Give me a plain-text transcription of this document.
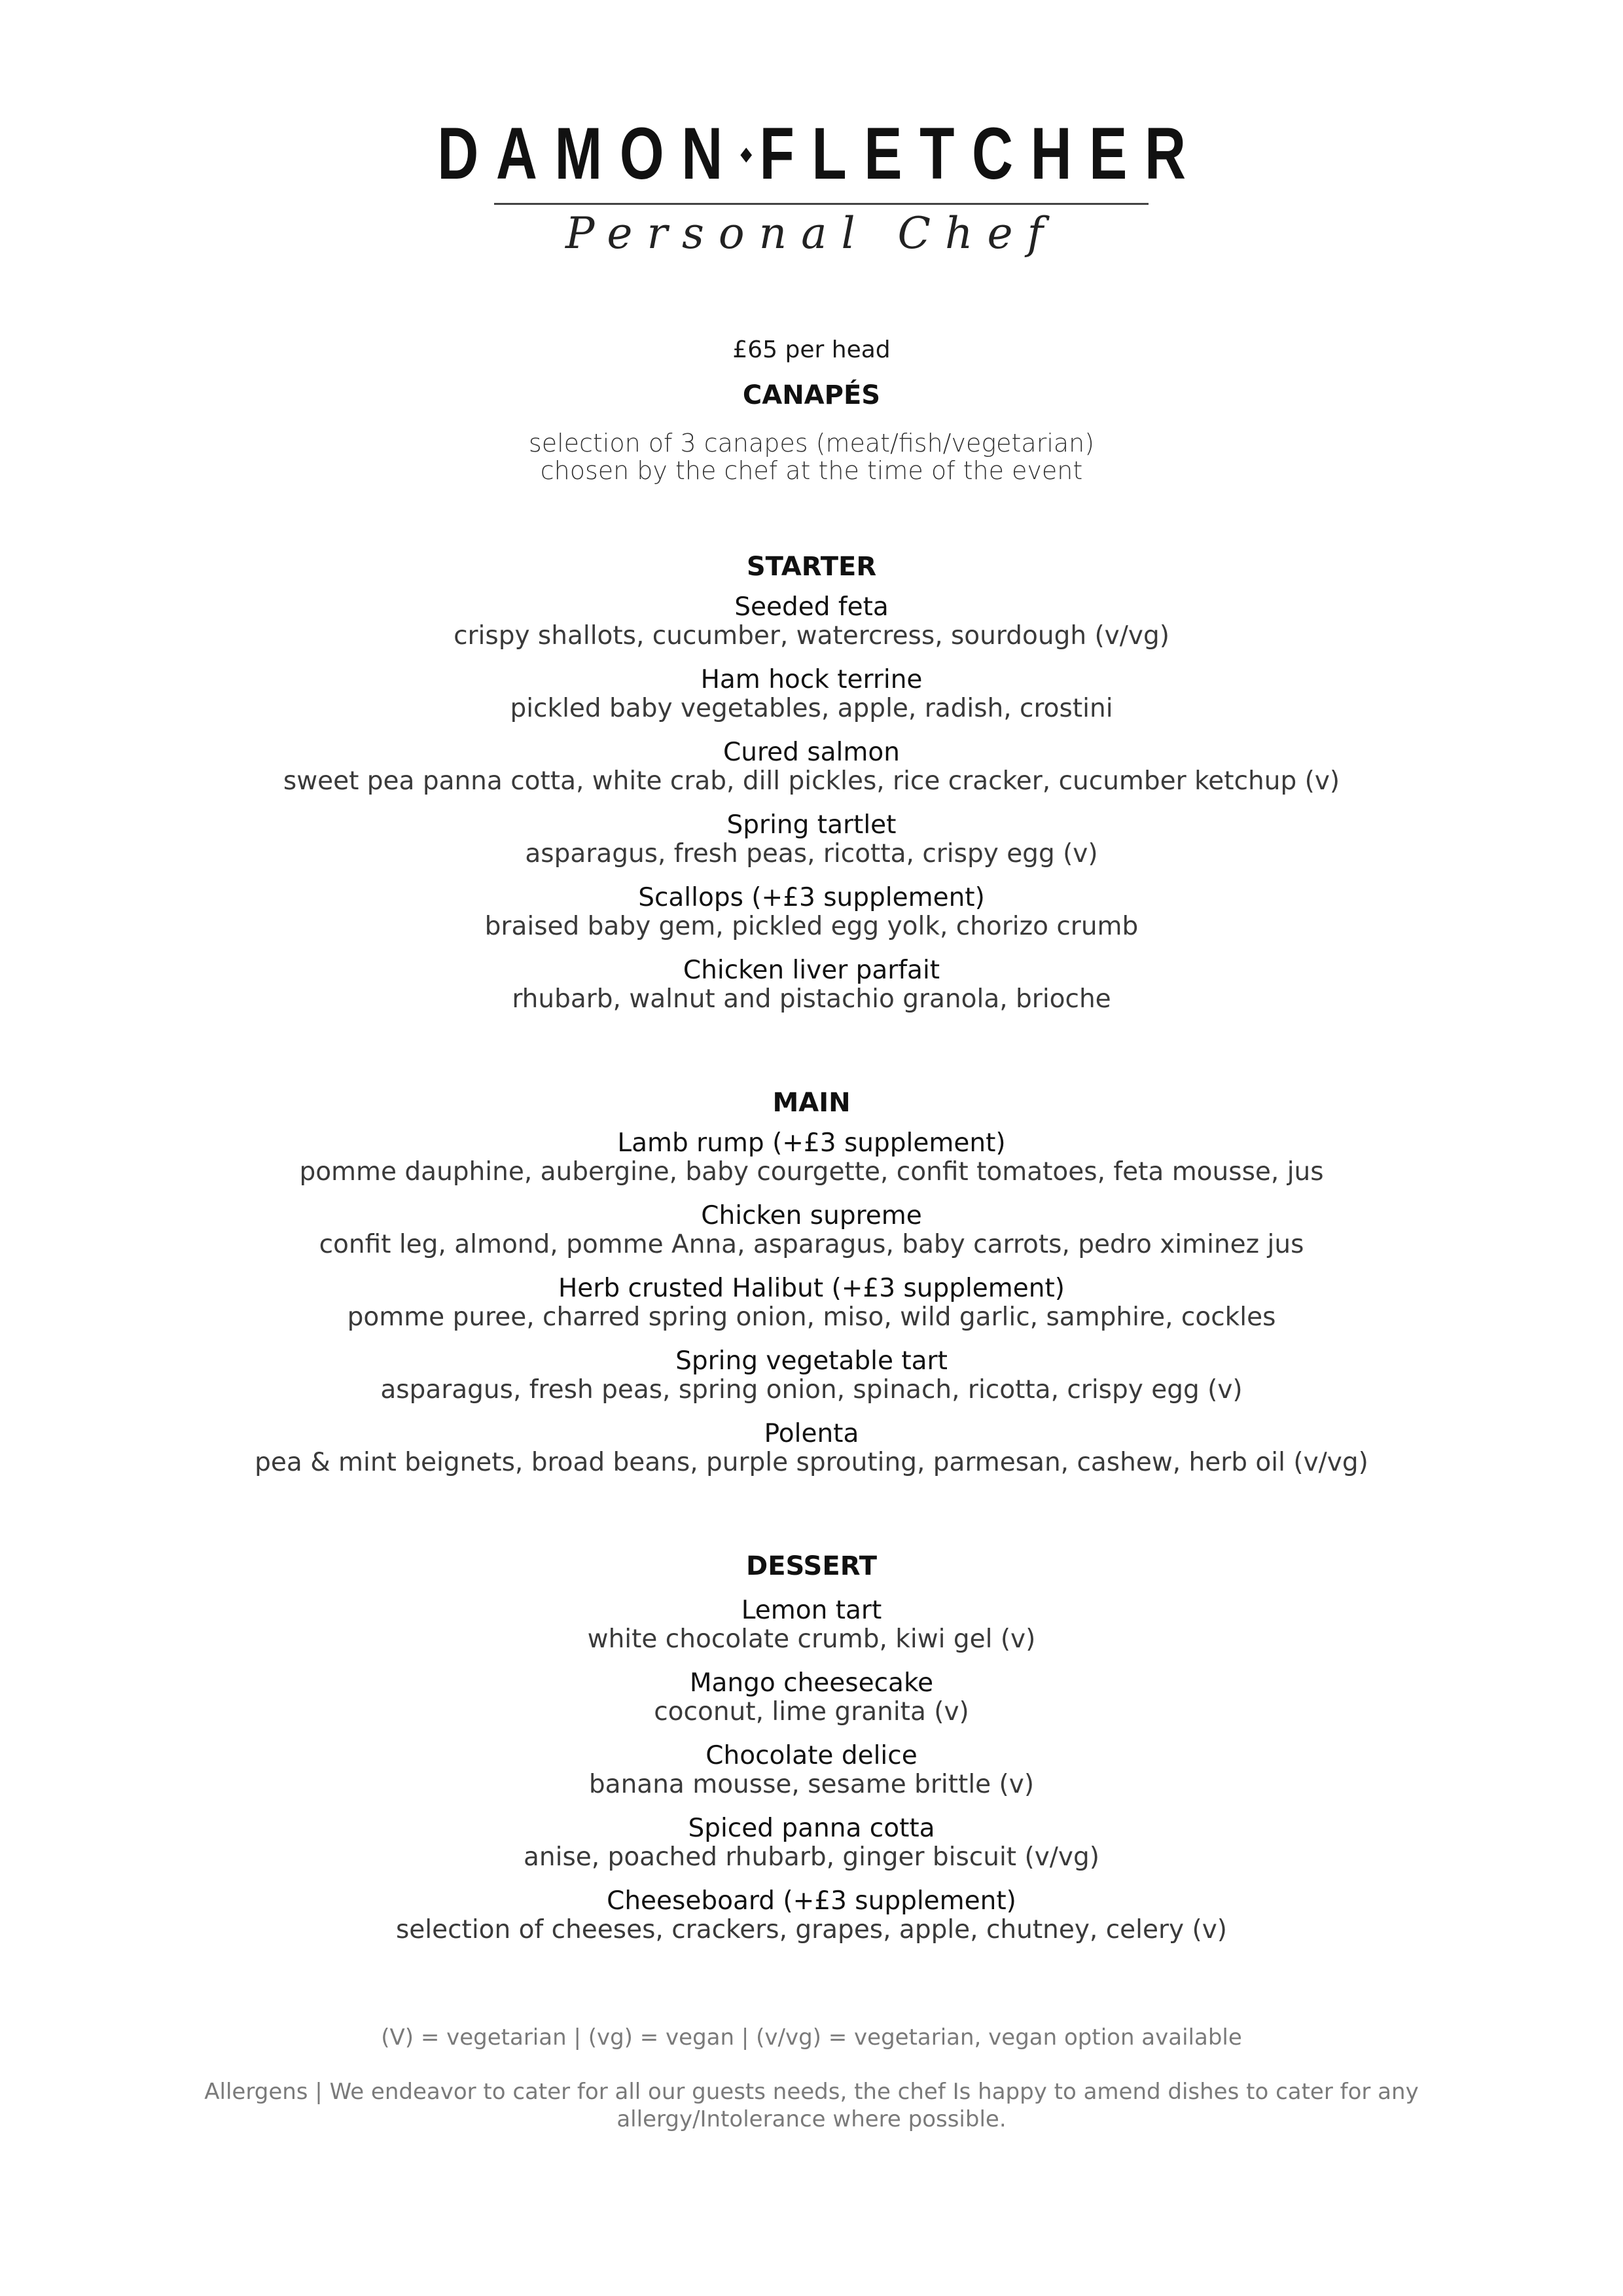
DAMON FLETCHER
Personal Chef

£65 per head

CANAPÉS

selection of 3 canapes (meat/fish/vegetarian)

chosen by the chef at the time of the event

STARTER

Seeded feta
crispy shallots, cucumber, watercress, sourdough (v/vg)
Ham hock terrine
pickled baby vegetables, apple, radish, crostini
Cured salmon
sweet pea panna cotta, white crab, dill pickles, rice cracker, cucumber ketchup (v)
Spring tartlet
asparagus, fresh peas, ricotta, crispy egg (v)
Scallops (+£3 supplement)
braised baby gem, pickled egg yolk, chorizo crumb
Chicken liver parfait
rhubarb, walnut and pistachio granola, brioche

MAIN

Lamb rump (+£3 supplement)
pomme dauphine, aubergine, baby courgette, confit tomatoes, feta mousse, jus
Chicken supreme
confit leg, almond, pomme Anna, asparagus, baby carrots, pedro ximinez jus
Herb crusted Halibut (+£3 supplement)
pomme puree, charred spring onion, miso, wild garlic, samphire, cockles
Spring vegetable tart
asparagus, fresh peas, spring onion, spinach, ricotta, crispy egg (v)
Polenta
pea & mint beignets, broad beans, purple sprouting, parmesan, cashew, herb oil (v/vg)

DESSERT

Lemon tart
white chocolate crumb, kiwi gel (v)
Mango cheesecake
coconut, lime granita (v)
Chocolate delice
banana mousse, sesame brittle (v)
Spiced panna cotta
anise, poached rhubarb, ginger biscuit (v/vg)
Cheeseboard (+£3 supplement)
selection of cheeses, crackers, grapes, apple, chutney, celery (v)

(V) = vegetarian | (vg) = vegan | (v/vg) = vegetarian, vegan option available

Allergens | We endeavor to cater for all our guests needs, the chef Is happy to amend dishes to cater for any allergy/Intolerance where possible.
